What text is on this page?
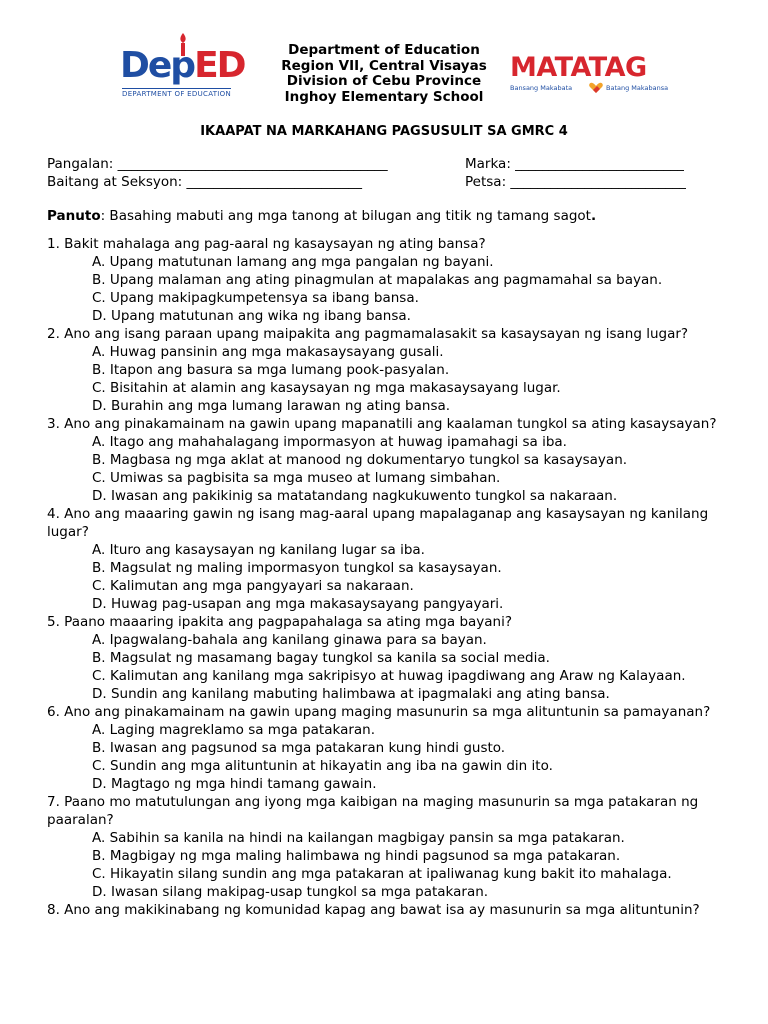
DepED
DEPARTMENT OF EDUCATION
Department of Education
Region VII, Central Visayas
Division of Cebu Province
Inghoy Elementary School
MATATAG
Bansang Makabata	Batang Makabansa
IKAAPAT NA MARKAHANG PAGSUSULIT SA GMRC 4
Pangalan: ________________________________________
Baitang at Seksyon: __________________________
Marka: _________________________
Petsa: __________________________
Panuto: Basahing mabuti ang mga tanong at bilugan ang titik ng tamang sagot.
1. Bakit mahalaga ang pag-aaral ng kasaysayan ng ating bansa?
A. Upang matutunan lamang ang mga pangalan ng bayani.
B. Upang malaman ang ating pinagmulan at mapalakas ang pagmamahal sa bayan.
C. Upang makipagkumpetensya sa ibang bansa.
D. Upang matutunan ang wika ng ibang bansa.
2. Ano ang isang paraan upang maipakita ang pagmamalasakit sa kasaysayan ng isang lugar?
A. Huwag pansinin ang mga makasaysayang gusali.
B. Itapon ang basura sa mga lumang pook-pasyalan.
C. Bisitahin at alamin ang kasaysayan ng mga makasaysayang lugar.
D. Burahin ang mga lumang larawan ng ating bansa.
3. Ano ang pinakamainam na gawin upang mapanatili ang kaalaman tungkol sa ating kasaysayan?
A. Itago ang mahahalagang impormasyon at huwag ipamahagi sa iba.
B. Magbasa ng mga aklat at manood ng dokumentaryo tungkol sa kasaysayan.
C. Umiwas sa pagbisita sa mga museo at lumang simbahan.
D. Iwasan ang pakikinig sa matatandang nagkukuwento tungkol sa nakaraan.
4. Ano ang maaaring gawin ng isang mag-aaral upang mapalaganap ang kasaysayan ng kanilang lugar?
A. Ituro ang kasaysayan ng kanilang lugar sa iba.
B. Magsulat ng maling impormasyon tungkol sa kasaysayan.
C. Kalimutan ang mga pangyayari sa nakaraan.
D. Huwag pag-usapan ang mga makasaysayang pangyayari.
5. Paano maaaring ipakita ang pagpapahalaga sa ating mga bayani?
A. Ipagwalang-bahala ang kanilang ginawa para sa bayan.
B. Magsulat ng masamang bagay tungkol sa kanila sa social media.
C. Kalimutan ang kanilang mga sakripisyo at huwag ipagdiwang ang Araw ng Kalayaan.
D. Sundin ang kanilang mabuting halimbawa at ipagmalaki ang ating bansa.
6. Ano ang pinakamainam na gawin upang maging masunurin sa mga alituntunin sa pamayanan?
A. Laging magreklamo sa mga patakaran.
B. Iwasan ang pagsunod sa mga patakaran kung hindi gusto.
C. Sundin ang mga alituntunin at hikayatin ang iba na gawin din ito.
D. Magtago ng mga hindi tamang gawain.
7. Paano mo matutulungan ang iyong mga kaibigan na maging masunurin sa mga patakaran ng paaralan?
A. Sabihin sa kanila na hindi na kailangan magbigay pansin sa mga patakaran.
B. Magbigay ng mga maling halimbawa ng hindi pagsunod sa mga patakaran.
C. Hikayatin silang sundin ang mga patakaran at ipaliwanag kung bakit ito mahalaga.
D. Iwasan silang makipag-usap tungkol sa mga patakaran.
8. Ano ang makikinabang ng komunidad kapag ang bawat isa ay masunurin sa mga alituntunin?
